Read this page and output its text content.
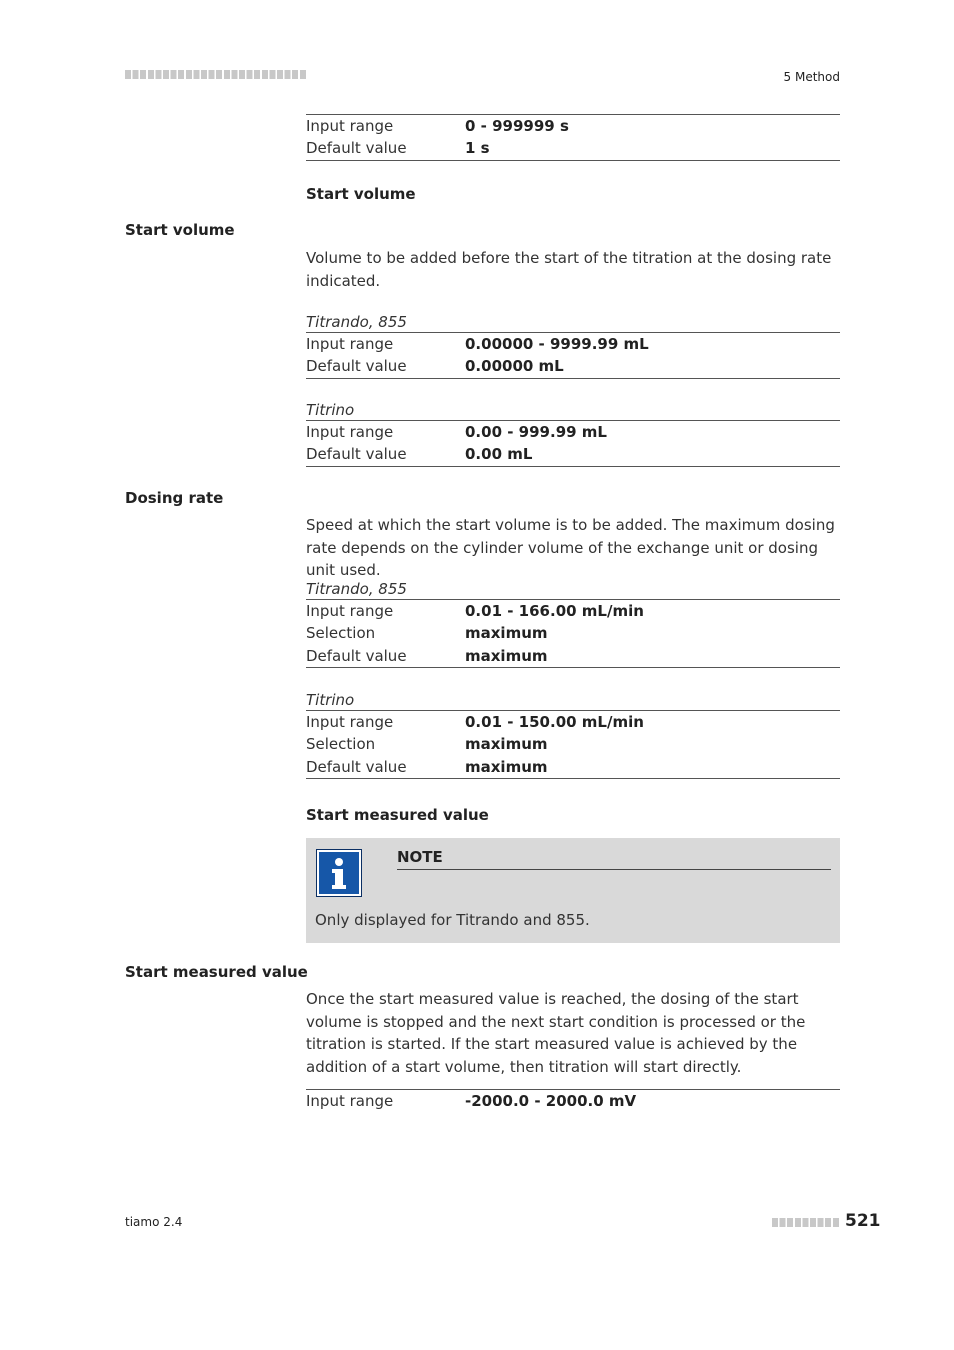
5 Method
Input range	0 - 999999 s
Default value	1 s
Start volume
Start volume
Volume to be added before the start of the titration at the dosing rate indicated.
Titrando, 855
Input range	0.00000 - 9999.99 mL
Default value	0.00000 mL
Titrino
Input range	0.00 - 999.99 mL
Default value	0.00 mL
Dosing rate
Speed at which the start volume is to be added. The maximum dosing rate depends on the cylinder volume of the exchange unit or dosing unit used.
Titrando, 855
Input range	0.01 - 166.00 mL/min
Selection	maximum
Default value	maximum
Titrino
Input range	0.01 - 150.00 mL/min
Selection	maximum
Default value	maximum
Start measured value
NOTE
Only displayed for Titrando and 855.
Start measured value
Once the start measured value is reached, the dosing of the start volume is stopped and the next start condition is processed or the titration is started. If the start measured value is achieved by the addition of a start volume, then titration will start directly.
Input range	-2000.0 - 2000.0 mV
tiamo 2.4	521
